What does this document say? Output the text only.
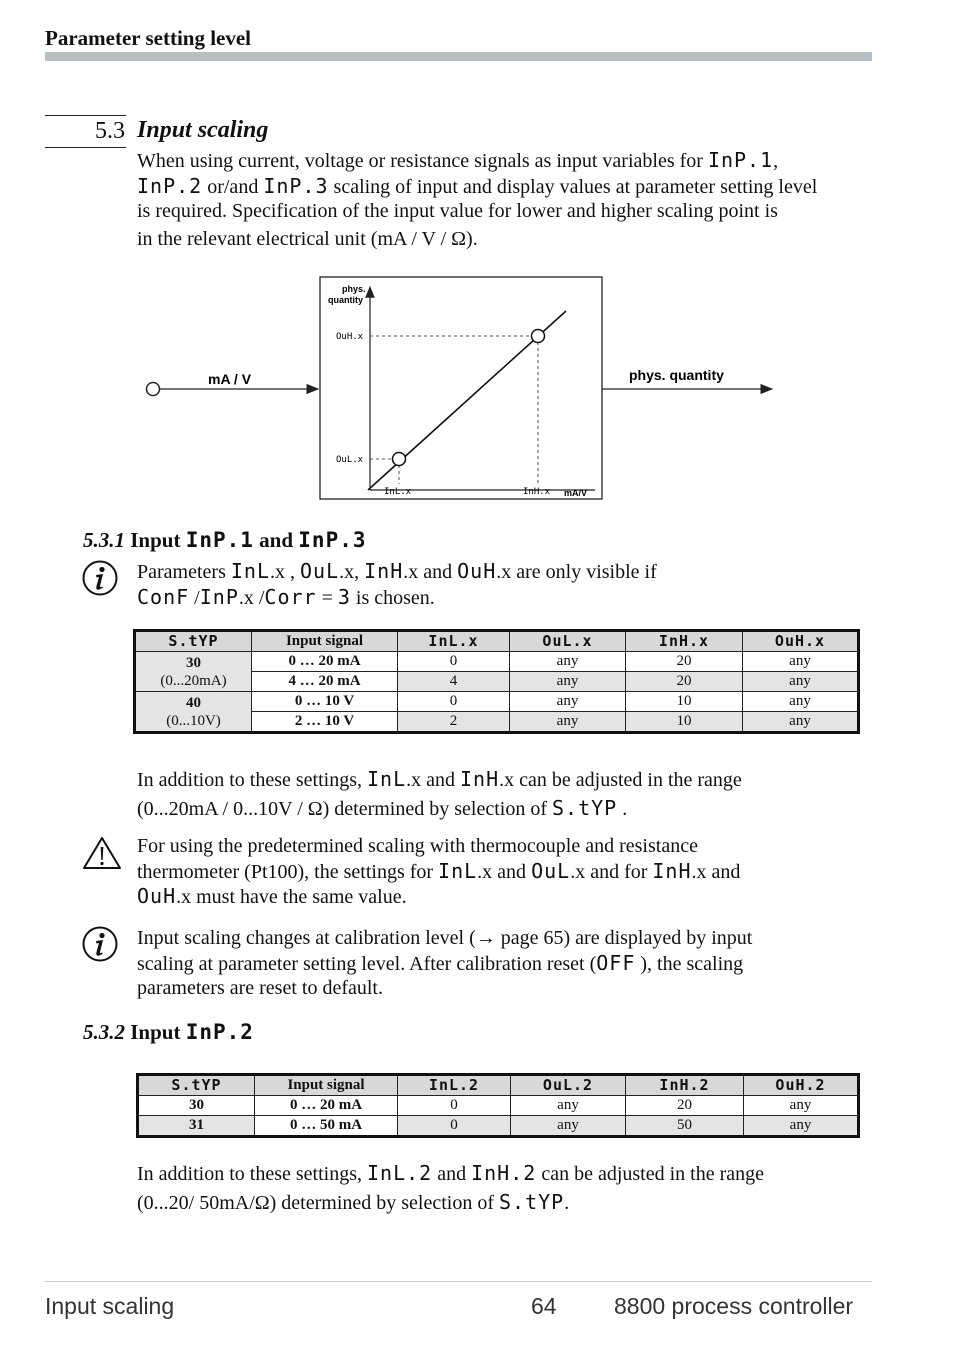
Parameter setting level
5.3 Input scaling
When using current, voltage or resistance signals as input variables for InP.1,
InP.2 or/and InP.3 scaling of input and display values at parameter setting level
is required. Specification of the input value for lower and higher scaling point is
in the relevant electrical unit (mA / V / Ω).
mA / V	phys. quantity
phys.
quantity
mA/V
OuH.x
OuL.x
InL.x	InH.x
5.3.1 Input InP.1 and InP.3
Parameters InL.x , OuL.x, InH.x and OuH.x are only visible if
ConF /InP.x /Corr = 3 is chosen.
S.tYP	Input signal	InL.x	OuL.x	InH.x	OuH.x
30
(0...20mA)	0 … 20 mA	0	any	20	any
	4 … 20 mA	4	any	20	any
40
(0...10V)	0 … 10 V	0	any	10	any
	2 … 10 V	2	any	10	any
In addition to these settings, InL.x and InH.x can be adjusted in the range
(0...20mA / 0...10V / Ω) determined by selection of S.tYP .
For using the predetermined scaling with thermocouple and resistance
thermometer (Pt100), the settings for InL.x and OuL.x and for InH.x and
OuH.x must have the same value.
Input scaling changes at calibration level (→ page 65) are displayed by input
scaling at parameter setting level. After calibration reset (OFF ), the scaling
parameters are reset to default.
5.3.2 Input InP.2
S.tYP	Input signal	InL.2	OuL.2	InH.2	OuH.2
30	0 … 20 mA	0	any	20	any
31	0 … 50 mA	0	any	50	any
In addition to these settings, InL.2 and InH.2 can be adjusted in the range
(0...20/ 50mA/Ω) determined by selection of S.tYP.
Input scaling	64 8800 process controller
